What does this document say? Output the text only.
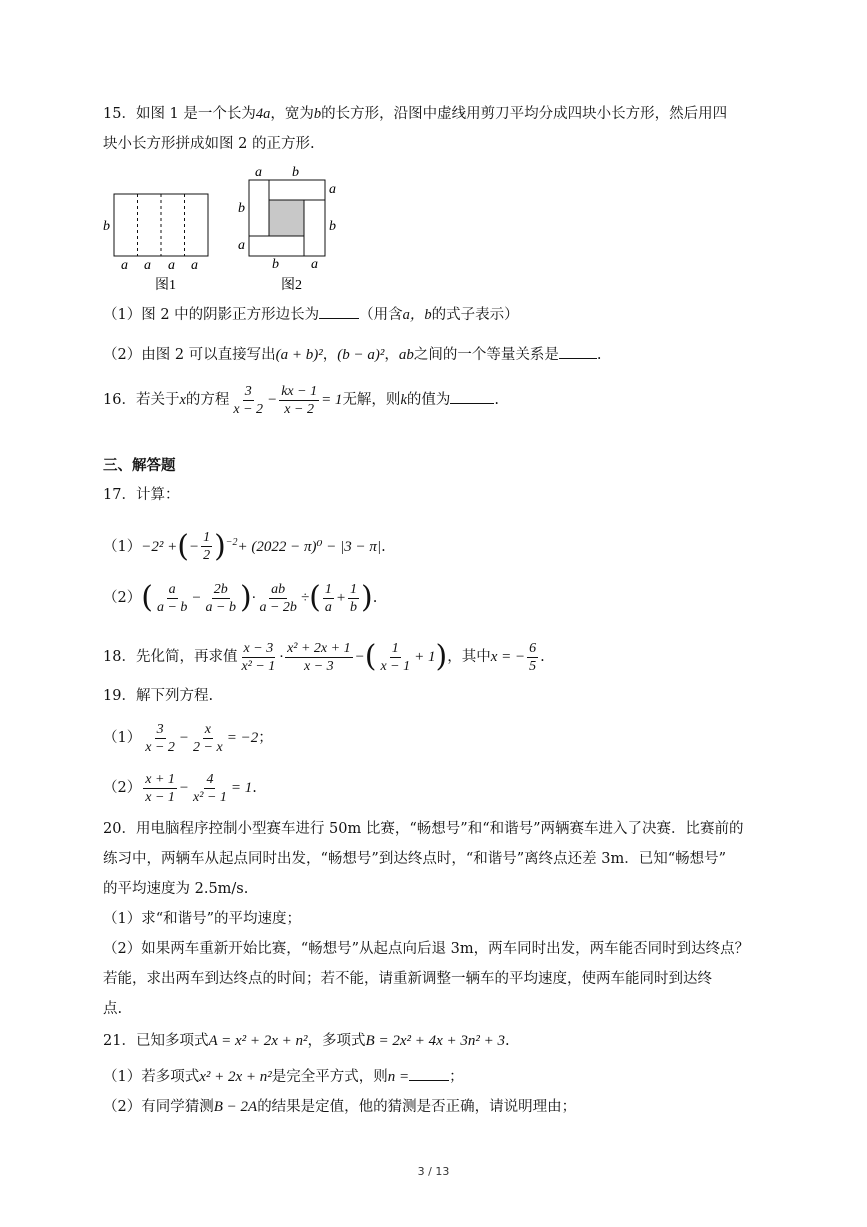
15．如图 1 是一个长为4a，宽为b的长方形，沿图中虚线用剪刀平均分成四块小长方形，然后用四
块小长方形拼成如图 2 的正方形.
b
a a a a
图1
a b
a
b
b
a
b a
图2
（1）图 2 中的阴影正方形边长为	（用含a，b的式子表示）
（2）由图 2 可以直接写出(a + b)²，(b − a)²，ab之间的一个等量关系是	.
16．若关于x的方程 $\frac{3}{x - 2} - \frac{kx - 1}{x - 2} = 1$无解，则k的值为	.
三、解答题
17．计算：
（1）−2² +(− $\frac{1}{2} )^{-2}+ (2022 - \pi)^0 - |3 - \pi|$.
$(2)( \frac{a}{a - b} - \frac{2b}{a - b}$ )· $\frac{ab}{a - 2b}$ ÷( $\frac{1}{a} + \frac{1}{b}$ ).
18．先化简，再求值 $\frac{x - 3}{\text{x² − 1}} \cdot \frac{\text{x² + 2x + 1}}{x - 3}$ −( $\frac{1}{x - 1} + 1$)，其中x = − $\frac{6}{5}$ .
19．解下列方程.
$(1) \frac{3}{x - 2} - \frac{x}{2 - x} = -2$；
$(2) \frac{x + 1}{x - 1} - \frac{4}{\text{x² − 1}} = 1$.
20．用电脑程序控制小型赛车进行 50m 比赛，“畅想号”和“和谐号”两辆赛车进入了决赛．比赛前的
练习中，两辆车从起点同时出发，“畅想号”到达终点时，“和谐号”离终点还差 3m．已知“畅想号”
的平均速度为 2.5m/s.
（1）求“和谐号”的平均速度；
（2）如果两车重新开始比赛，“畅想号”从起点向后退 3m，两车同时出发，两车能否同时到达终点？
若能，求出两车到达终点的时间；若不能，请重新调整一辆车的平均速度，使两车能同时到达终
点.
21．已知多项式A = x² + 2x + n²，多项式B = 2x² + 4x + 3n² + 3.
（1）若多项式x² + 2x + n²是完全平方式，则n =	；
（2）有同学猜测B − 2A的结果是定值，他的猜测是否正确，请说明理由；
3 / 13
